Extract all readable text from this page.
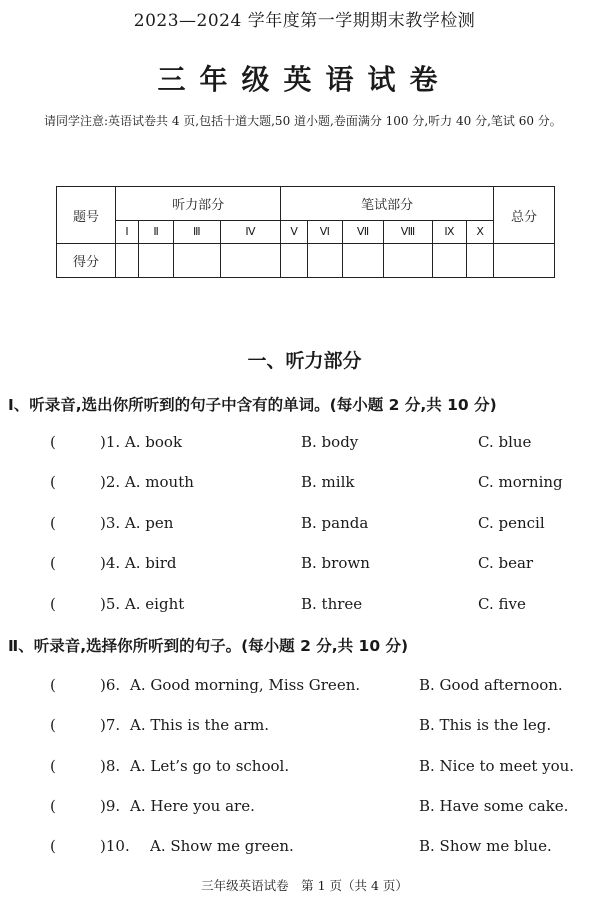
2023—2024 学年度第一学期期末教学检测
三年级英语试卷
请同学注意:英语试卷共 4 页,包括十道大题,50 道小题,卷面满分 100 分,听力 40 分,笔试 60 分。
题号	听力部分				笔试部分						总分
	Ⅰ	Ⅱ	Ⅲ	Ⅳ	Ⅴ	Ⅵ	Ⅶ	Ⅷ	Ⅸ	Ⅹ	
得分											
一、听力部分
Ⅰ、听录音,选出你所听到的句子中含有的单词。(每小题 2 分,共 10 分)
(	)1. A. book	B. body	C. blue
(	)2. A. mouth	B. milk	C. morning
(	)3. A. pen	B. panda	C. pencil
(	)4. A. bird	B. brown	C. bear
(	)5. A. eight	B. three	C. five
Ⅱ、听录音,选择你所听到的句子。(每小题 2 分,共 10 分)
(	)6. A. Good morning, Miss Green.	B. Good afternoon.
(	)7. A. This is the arm.	B. This is the leg.
(	)8. A. Let’s go to school.	B. Nice to meet you.
(	)9. A. Here you are.	B. Have some cake.
(	)10. A. Show me green.	B. Show me blue.
三年级英语试卷　第 1 页（共 4 页）
